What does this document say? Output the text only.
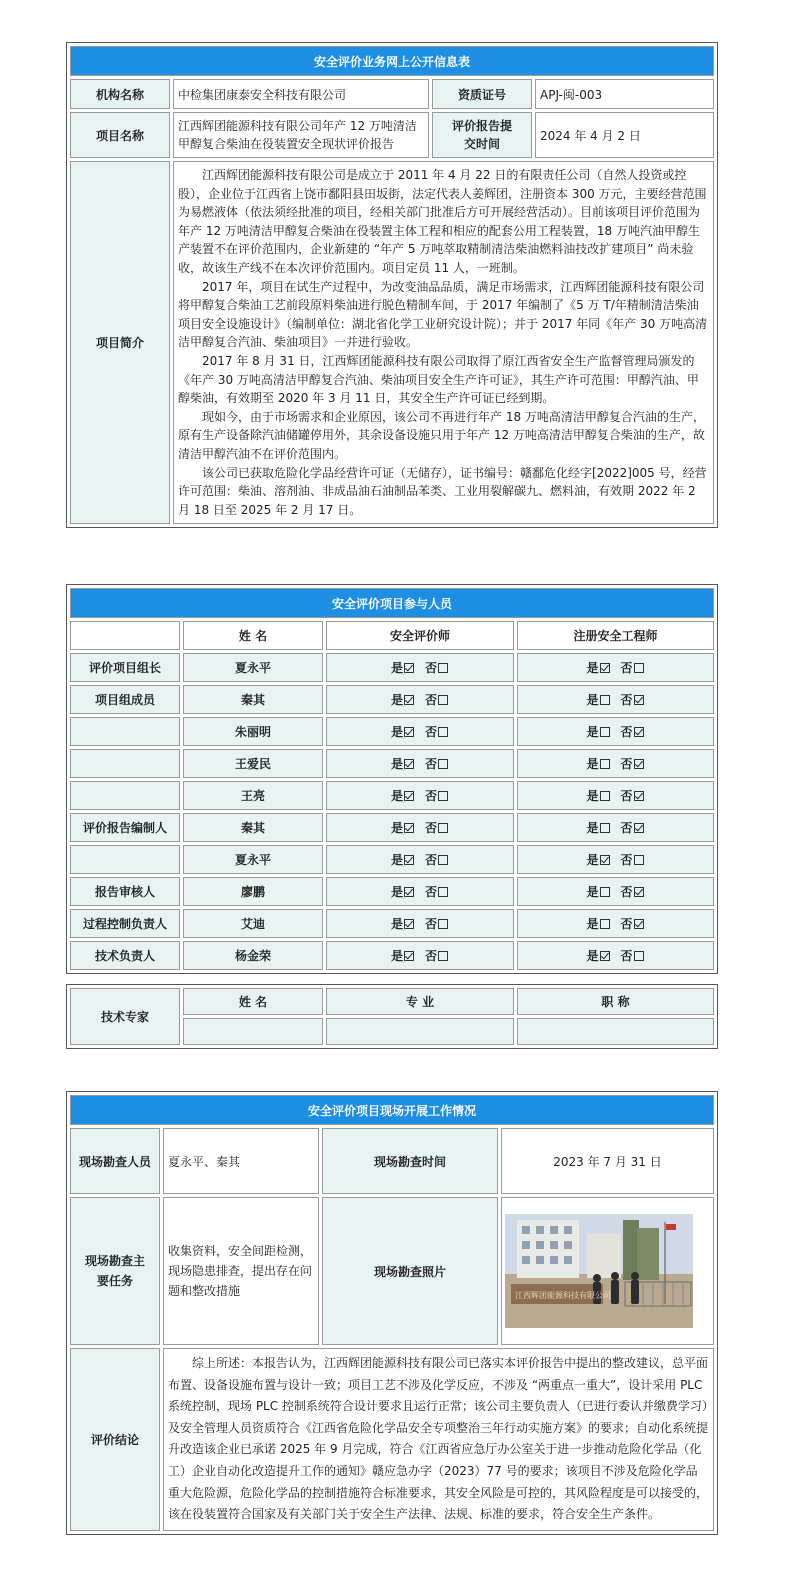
安全评价业务网上公开信息表			
机构名称	中检集团康泰安全科技有限公司	资质证号	APJ-闽-003
项目名称	江西辉团能源科技有限公司年产 12 万吨清洁甲醇复合柴油在役装置安全现状评价报告	评价报告提交时间	2024 年 4 月 2 日
项目简介	江西辉团能源科技有限公司是成立于 2011 年 4 月 22 日的有限责任公司（自然人投资或控股），企业位于江西省上饶市鄱阳县田坂街，法定代表人姜辉团，注册资本 300 万元，主要经营范围为易燃液体（依法须经批准的项目，经相关部门批准后方可开展经营活动）。目前该项目评价范围为年产 12 万吨清洁甲醇复合柴油在役装置主体工程和相应的配套公用工程装置，18 万吨汽油甲醇生产装置不在评价范围内，企业新建的 “年产 5 万吨萃取精制清洁柴油燃料油技改扩建项目” 尚未验收，故该生产线不在本次评价范围内。项目定员 11 人，一班制。

2017 年，项目在试生产过程中，为改变油品品质，满足市场需求，江西辉团能源科技有限公司将甲醇复合柴油工艺前段原料柴油进行脱色精制车间，于 2017 年编制了《5 万 T/年精制清洁柴油项目安全设施设计》（编制单位：湖北省化学工业研究设计院）；并于 2017 年同《年产 30 万吨高清洁甲醇复合汽油、柴油项目》一并进行验收。

2017 年 8 月 31 日，江西辉团能源科技有限公司取得了原江西省安全生产监督管理局颁发的《年产 30 万吨高清洁甲醇复合汽油、柴油项目安全生产许可证》，其生产许可范围：甲醇汽油、甲醇柴油，有效期至 2020 年 3 月 11 日，其安全生产许可证已经到期。

现如今，由于市场需求和企业原因，该公司不再进行年产 18 万吨高清洁甲醇复合汽油的生产，原有生产设备除汽油储罐停用外，其余设备设施只用于年产 12 万吨高清洁甲醇复合柴油的生产，故清洁甲醇汽油不在评价范围内。

该公司已获取危险化学品经营许可证（无储存），证书编号：赣鄱危化经字[2022]005 号，经营许可范围：柴油、溶剂油、非成品油石油制品苯类、工业用裂解碳九、燃料油，有效期 2022 年 2 月 18 日至 2025 年 2 月 17 日。		

安全评价项目参与人员			
	姓 名	安全评价师	注册安全工程师
评价项目组长	夏永平	是 否	是 否
项目组成员	秦其	是 否	是 否
	朱丽明	是 否	是 否
	王爱民	是 否	是 否
	王亮	是 否	是 否
评价报告编制人	秦其	是 否	是 否
	夏永平	是 否	是 否
报告审核人	廖鹏	是 否	是 否
过程控制负责人	艾迪	是 否	是 否
技术负责人	杨金荣	是 否	是 否
技术专家	姓 名	专 业	职 称

安全评价项目现场开展工作情况			
现场勘查人员	夏永平、秦其	现场勘查时间	2023 年 7 月 31 日
现场勘查主要任务	收集资料，安全间距检测，现场隐患排查，提出存在问题和整改措施	现场勘查照片	江西辉团能源科技有限公司

评价结论	综上所述：本报告认为，江西辉团能源科技有限公司已落实本评价报告中提出的整改建议，总平面布置、设备设施布置与设计一致；项目工艺不涉及化学反应，不涉及 “两重点一重大”，设计采用 PLC 系统控制，现场 PLC 控制系统符合设计要求且运行正常；该公司主要负责人（已进行委认并缴费学习）及安全管理人员资质符合《江西省危险化学品安全专项整治三年行动实施方案》的要求；自动化系统提升改造该企业已承诺 2025 年 9 月完成，符合《江西省应急厅办公室关于进一步推动危险化学品（化工）企业自动化改造提升工作的通知》赣应急办字（2023）77 号的要求；该项目不涉及危险化学品重大危险源，危险化学品的控制措施符合标准要求，其安全风险是可控的，其风险程度是可以接受的，该在役装置符合国家及有关部门关于安全生产法律、法规、标准的要求，符合安全生产条件。		
